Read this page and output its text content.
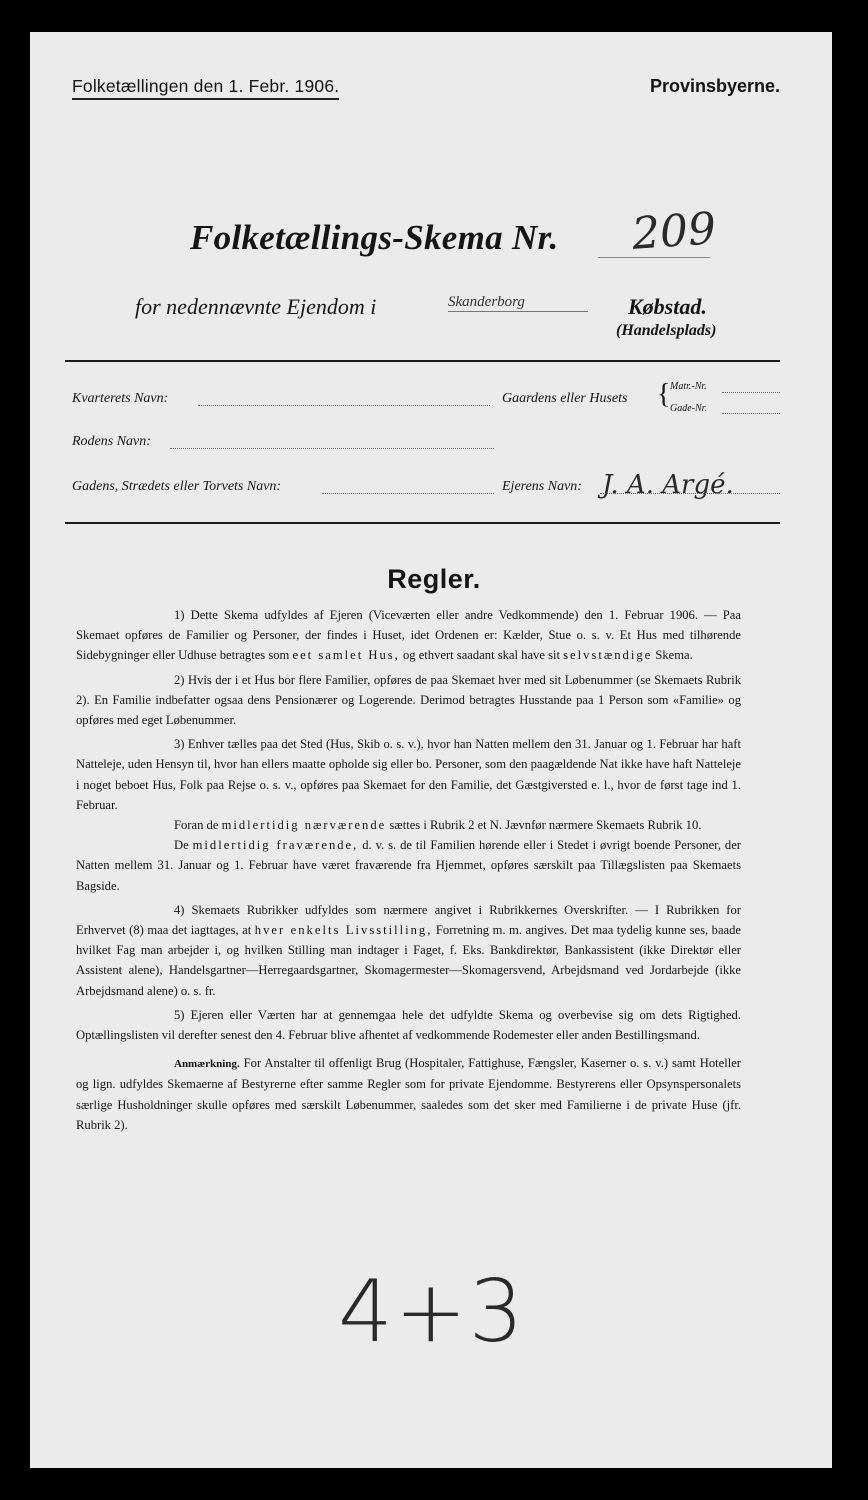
Folketællingen den 1. Febr. 1906.	Provinsbyerne.
Folketællings-Skema Nr. 209
for nedennævnte Ejendom i	Skanderborg	Købstad.
(Handelsplads)
Kvarterets Navn:	Gaardens eller Husets { Matr.-Nr.
Gade-Nr.
Rodens Navn:
Gadens, Strædets eller Torvets Navn:	Ejerens Navn: J. A. Argé.
Regler.

1) Dette Skema udfyldes af Ejeren (Viceværten eller andre Vedkommende) den 1. Februar 1906. — Paa Skemaet opføres de Familier og Personer, der findes i Huset, idet Ordenen er: Kælder, Stue o. s. v. Et Hus med tilhørende Sidebygninger eller Udhuse betragtes som eet samlet Hus, og ethvert saadant skal have sit selvstændige Skema.

2) Hvis der i et Hus bor flere Familier, opføres de paa Skemaet hver med sit Løbenummer (se Skemaets Rubrik 2). En Familie indbefatter ogsaa dens Pensionærer og Logerende. Derimod betragtes Husstande paa 1 Person som «Familie» og opføres med eget Løbenummer.

3) Enhver tælles paa det Sted (Hus, Skib o. s. v.), hvor han Natten mellem den 31. Januar og 1. Februar har haft Natteleje, uden Hensyn til, hvor han ellers maatte opholde sig eller bo. Personer, som den paagældende Nat ikke have haft Natteleje i noget beboet Hus, Folk paa Rejse o. s. v., opføres paa Skemaet for den Familie, det Gæstgiversted e. l., hvor de først tage ind 1. Februar.

Foran de midlertidig nærværende sættes i Rubrik 2 et N. Jævnfør nærmere Skemaets Rubrik 10.

De midlertidig fraværende, d. v. s. de til Familien hørende eller i Stedet i øvrigt boende Personer, der Natten mellem 31. Januar og 1. Februar have været fraværende fra Hjemmet, opføres særskilt paa Tillægslisten paa Skemaets Bagside.

4) Skemaets Rubrikker udfyldes som nærmere angivet i Rubrikkernes Overskrifter. — I Rubrikken for Erhvervet (8) maa det iagttages, at hver enkelts Livsstilling, Forretning m. m. angives. Det maa tydelig kunne ses, baade hvilket Fag man arbejder i, og hvilken Stilling man indtager i Faget, f. Eks. Bankdirektør, Bankassistent (ikke Direktør eller Assistent alene), Handelsgartner—Herregaardsgartner, Skomagermester—Skomagersvend, Arbejdsmand ved Jordarbejde (ikke Arbejdsmand alene) o. s. fr.

5) Ejeren eller Værten har at gennemgaa hele det udfyldte Skema og overbevise sig om dets Rigtighed. Optællingslisten vil derefter senest den 4. Februar blive afhentet af vedkommende Rodemester eller anden Bestillingsmand.

Anmærkning. For Anstalter til offenligt Brug (Hospitaler, Fattighuse, Fængsler, Kaserner o. s. v.) samt Hoteller og lign. udfyldes Skemaerne af Bestyrerne efter samme Regler som for private Ejendomme. Bestyrerens eller Opsynspersonalets særlige Husholdninger skulle opføres med særskilt Løbenummer, saaledes som det sker med Familierne i de private Huse (jfr. Rubrik 2).

4+3
